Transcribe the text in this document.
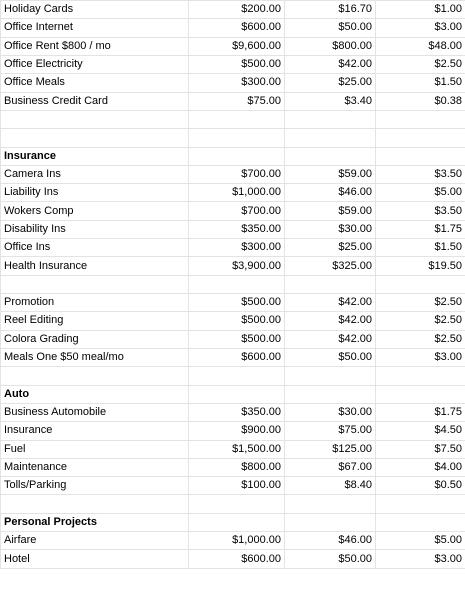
Holiday Cards	$200.00	$16.70	$1.00
Office Internet	$600.00	$50.00	$3.00
Office Rent $800 / mo	$9,600.00	$800.00	$48.00
Office Electricity	$500.00	$42.00	$2.50
Office Meals	$300.00	$25.00	$1.50
Business Credit Card	$75.00	$3.40	$0.38

Insurance			
Camera Ins	$700.00	$59.00	$3.50
Liability Ins	$1,000.00	$46.00	$5.00
Wokers Comp	$700.00	$59.00	$3.50
Disability Ins	$350.00	$30.00	$1.75
Office Ins	$300.00	$25.00	$1.50
Health Insurance	$3,900.00	$325.00	$19.50

Promotion	$500.00	$42.00	$2.50
Reel Editing	$500.00	$42.00	$2.50
Colora Grading	$500.00	$42.00	$2.50
Meals One $50 meal/mo	$600.00	$50.00	$3.00

Auto			
Business Automobile	$350.00	$30.00	$1.75
Insurance	$900.00	$75.00	$4.50
Fuel	$1,500.00	$125.00	$7.50
Maintenance	$800.00	$67.00	$4.00
Tolls/Parking	$100.00	$8.40	$0.50

Personal Projects			
Airfare	$1,000.00	$46.00	$5.00
Hotel	$600.00	$50.00	$3.00
